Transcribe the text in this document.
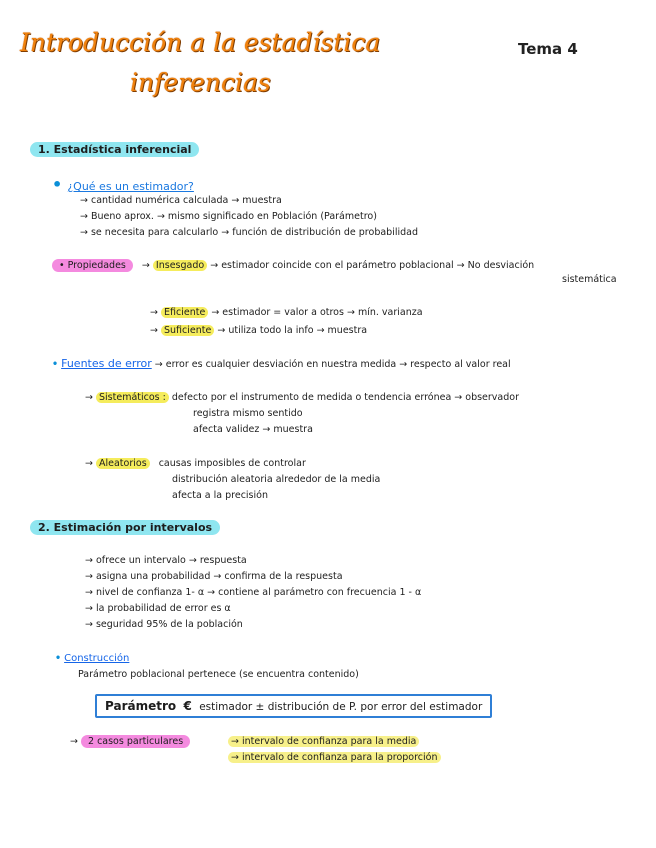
Introducción a la estadística
inferencias
Tema 4
1. Estadística inferencial
• ¿Qué es un estimador?
→ cantidad numérica calculada → muestra
→ Bueno aprox. → mismo significado en Población (Parámetro)
→ se necesita para calcularlo → función de distribución de probabilidad
• Propiedades → Insesgado → estimador coincide con el parámetro poblacional → No desviación
sistemática
→ Eficiente → estimador = valor a otros → mín. varianza
→ Suficiente → utiliza todo la info → muestra
• Fuentes de error → error es cualquier desviación en nuestra medida → respecto al valor real
→ Sistemáticos : defecto por el instrumento de medida o tendencia errónea → observador
registra mismo sentido
afecta validez → muestra
→ Aleatorios causas imposibles de controlar
distribución aleatoria alrededor de la media
afecta a la precisión
2. Estimación por intervalos
→ ofrece un intervalo → respuesta
→ asigna una probabilidad → confirma de la respuesta
→ nivel de confianza 1- α → contiene al parámetro con frecuencia 1 - α
→ la probabilidad de error es α
→ seguridad 95% de la población
• Construcción
Parámetro poblacional pertenece (se encuentra contenido)
Parámetro € estimador ± distribución de P. por error del estimador
→ 2 casos particulares	→ intervalo de confianza para la media
→ intervalo de confianza para la proporción
